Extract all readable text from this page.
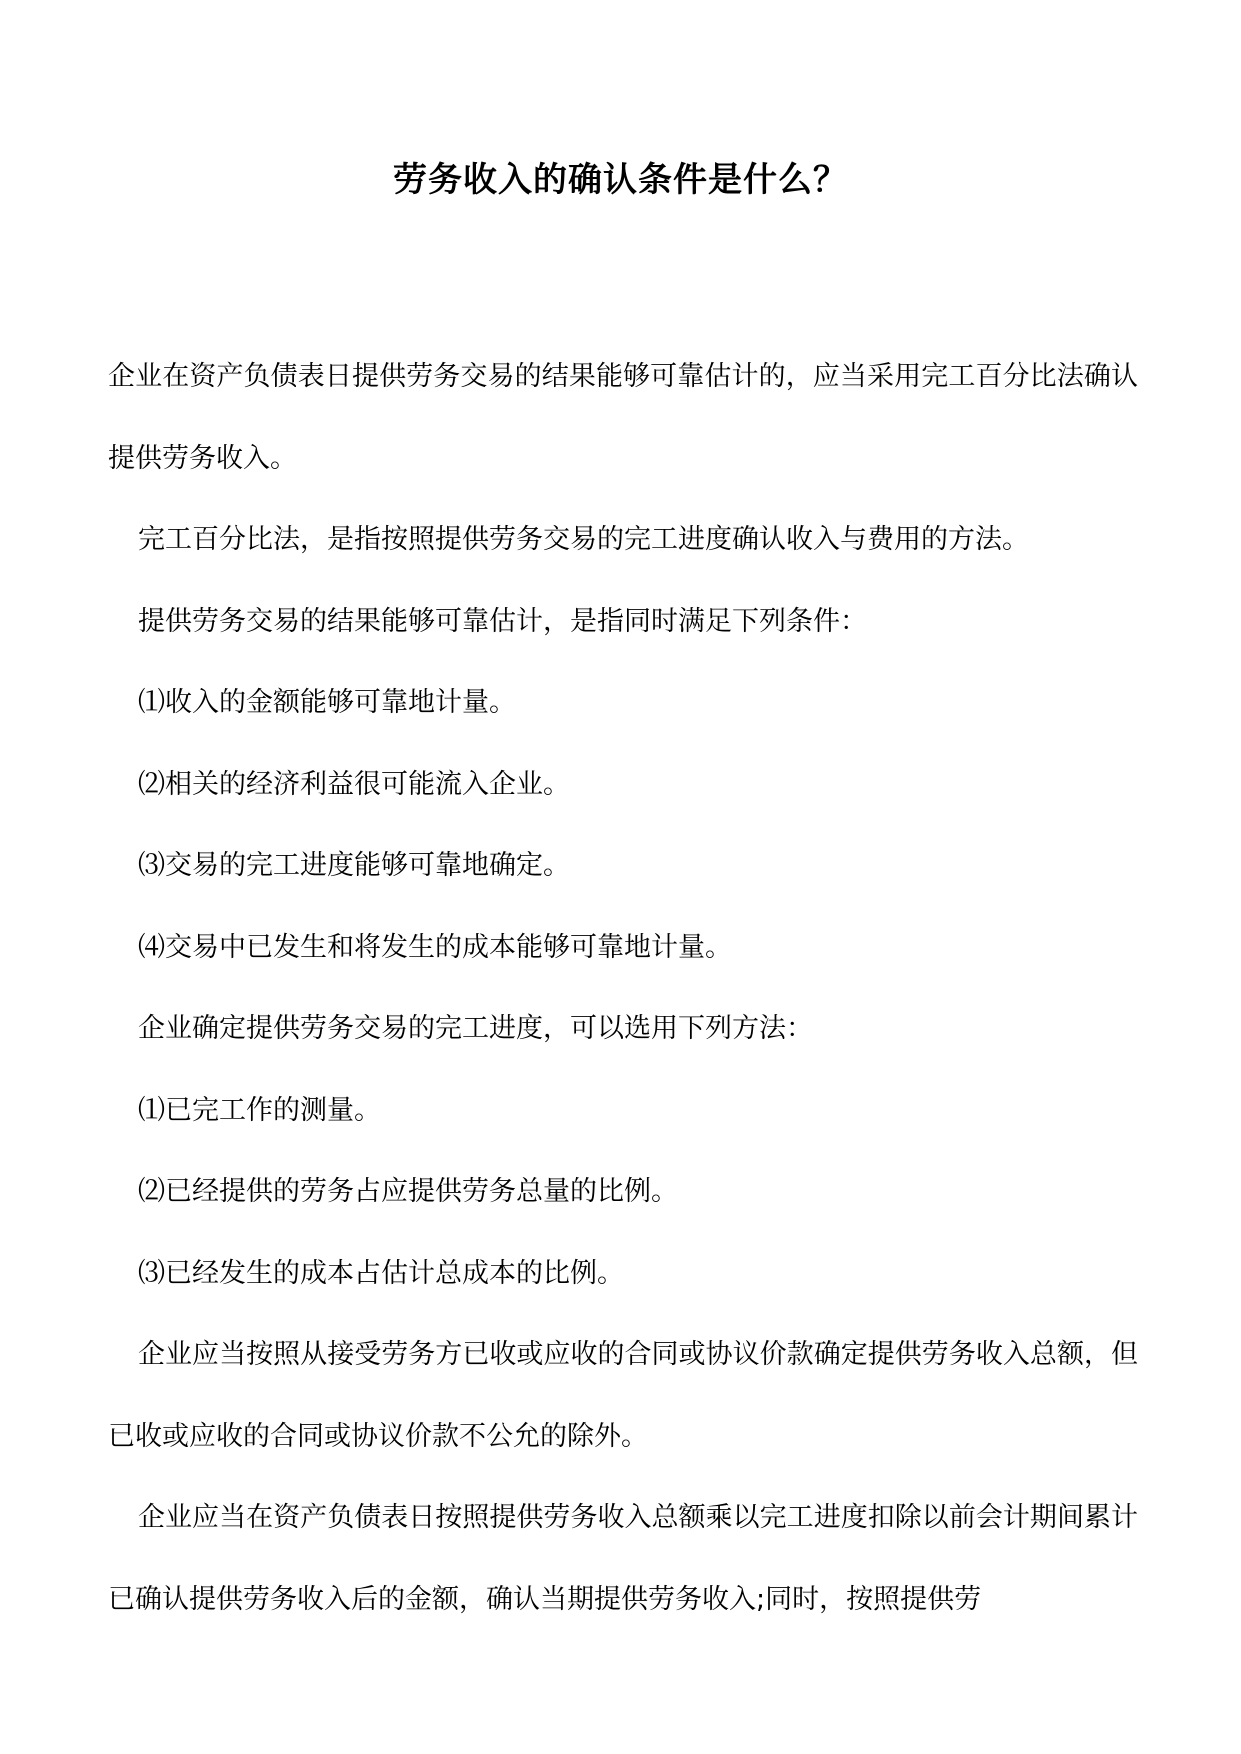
劳务收入的确认条件是什么？

企业在资产负债表日提供劳务交易的结果能够可靠估计的，应当采用完工百分比法确认提供劳务收入。

完工百分比法，是指按照提供劳务交易的完工进度确认收入与费用的方法。

提供劳务交易的结果能够可靠估计，是指同时满足下列条件：

⑴收入的金额能够可靠地计量。

⑵相关的经济利益很可能流入企业。

⑶交易的完工进度能够可靠地确定。

⑷交易中已发生和将发生的成本能够可靠地计量。

企业确定提供劳务交易的完工进度，可以选用下列方法：

⑴已完工作的测量。

⑵已经提供的劳务占应提供劳务总量的比例。

⑶已经发生的成本占估计总成本的比例。

企业应当按照从接受劳务方已收或应收的合同或协议价款确定提供劳务收入总额，但已收或应收的合同或协议价款不公允的除外。

企业应当在资产负债表日按照提供劳务收入总额乘以完工进度扣除以前会计期间累计已确认提供劳务收入后的金额，确认当期提供劳务收入;同时，按照提供劳
